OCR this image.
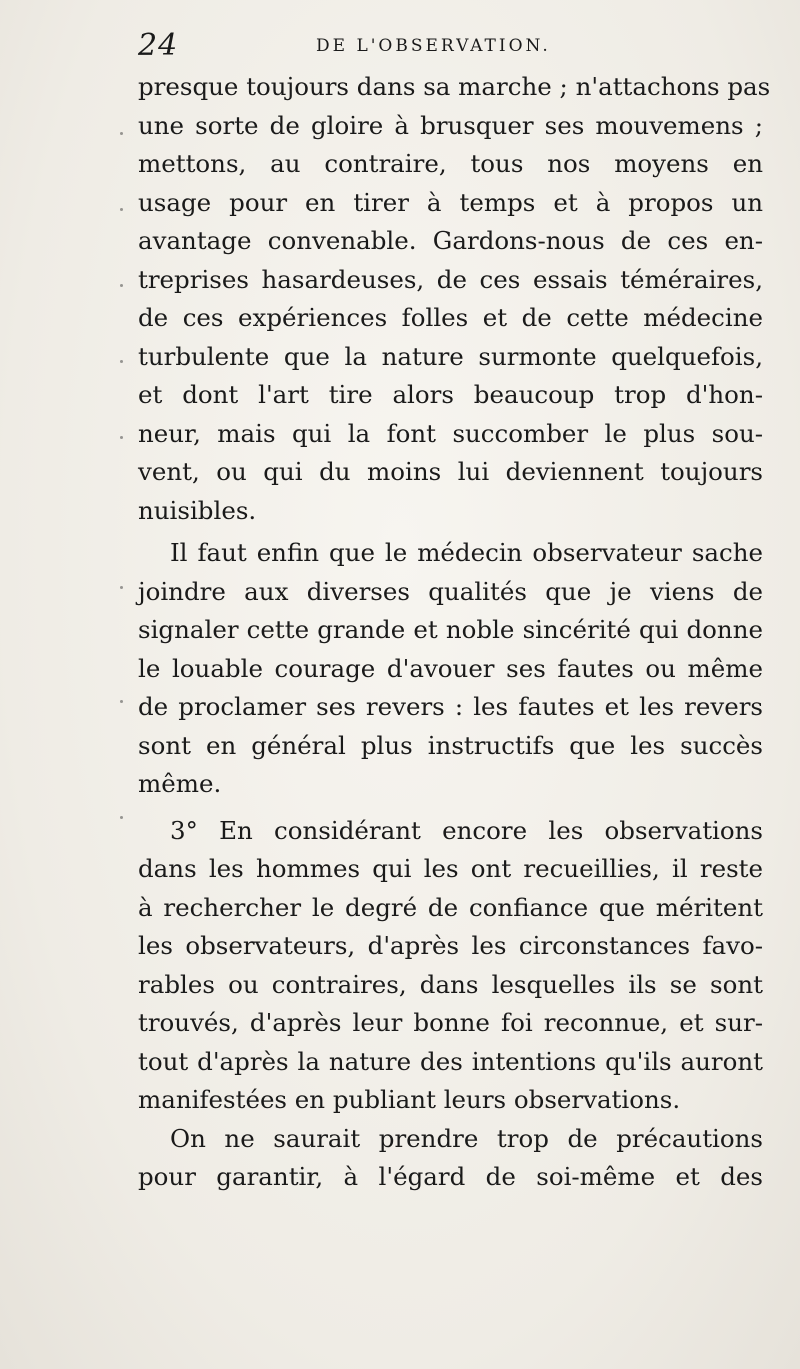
24	DE L'OBSERVATION.
presque toujours dans sa marche ; n'attachons pas
une sorte de gloire à brusquer ses mouvemens ;
mettons, au contraire, tous nos moyens en
usage pour en tirer à temps et à propos un
avantage convenable. Gardons-nous de ces en-
treprises hasardeuses, de ces essais téméraires,
de ces expériences folles et de cette médecine
turbulente que la nature surmonte quelquefois,
et dont l'art tire alors beaucoup trop d'hon-
neur, mais qui la font succomber le plus sou-
vent, ou qui du moins lui deviennent toujours
nuisibles.
Il faut enfin que le médecin observateur sache
joindre aux diverses qualités que je viens de
signaler cette grande et noble sincérité qui donne
le louable courage d'avouer ses fautes ou même
de proclamer ses revers : les fautes et les revers
sont en général plus instructifs que les succès
même.
3° En considérant encore les observations
dans les hommes qui les ont recueillies, il reste
à rechercher le degré de confiance que méritent
les observateurs, d'après les circonstances favo-
rables ou contraires, dans lesquelles ils se sont
trouvés, d'après leur bonne foi reconnue, et sur-
tout d'après la nature des intentions qu'ils auront
manifestées en publiant leurs observations.
On ne saurait prendre trop de précautions
pour garantir, à l'égard de soi-même et des
